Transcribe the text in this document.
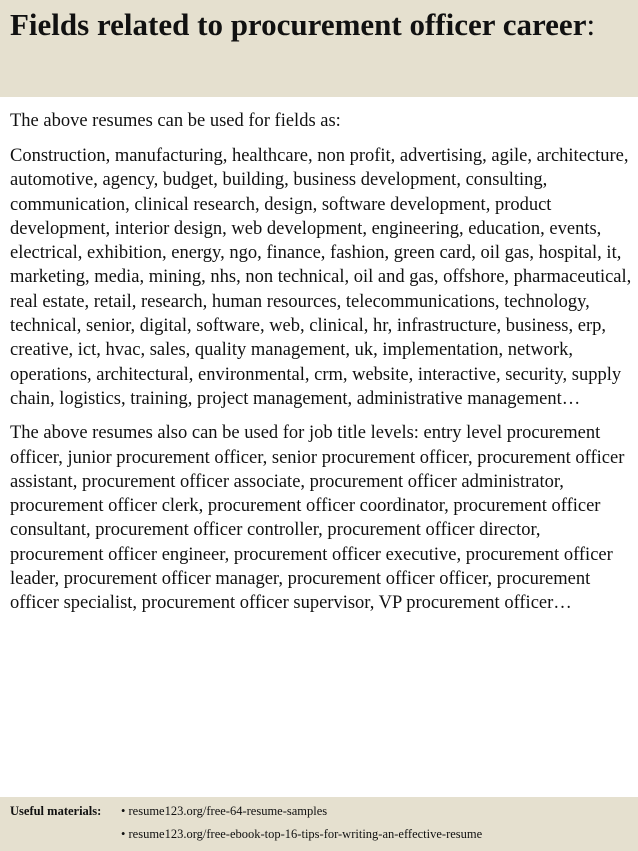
Fields related to procurement officer career:

The above resumes can be used for fields as:

Construction, manufacturing, healthcare, non profit, advertising, agile, architecture, automotive, agency, budget, building, business development, consulting, communication, clinical research, design, software development, product development, interior design, web development, engineering, education, events, electrical, exhibition, energy, ngo, finance, fashion, green card, oil gas, hospital, it, marketing, media, mining, nhs, non technical, oil and gas, offshore, pharmaceutical, real estate, retail, research, human resources, telecommunications, technology, technical, senior, digital, software, web, clinical, hr, infrastructure, business, erp, creative, ict, hvac, sales, quality management, uk, implementation, network, operations, architectural, environmental, crm, website, interactive, security, supply chain, logistics, training, project management, administrative management…

The above resumes also can be used for job title levels: entry level procurement officer, junior procurement officer, senior procurement officer, procurement officer assistant, procurement officer associate, procurement officer administrator, procurement officer clerk, procurement officer coordinator, procurement officer consultant, procurement officer controller, procurement officer director, procurement officer engineer, procurement officer executive, procurement officer leader, procurement officer manager, procurement officer officer, procurement officer specialist, procurement officer supervisor, VP procurement officer…

Useful materials: • resume123.org/free-64-resume-samples
• resume123.org/free-ebook-top-16-tips-for-writing-an-effective-resume
